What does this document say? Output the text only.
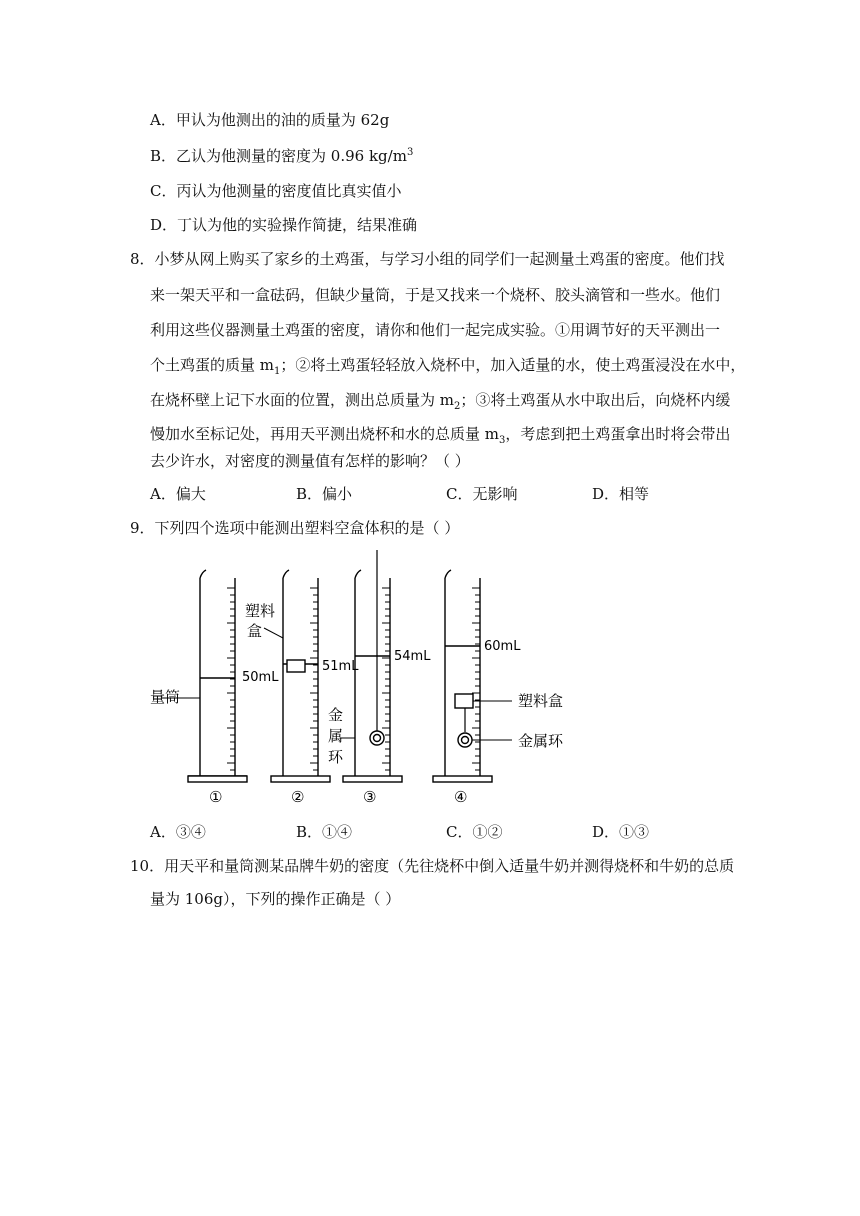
A．甲认为他测出的油的质量为 62g
B．乙认为他测量的密度为 0.96 $kg/m^3$
C．丙认为他测量的密度值比真实值小
D．丁认为他的实验操作简捷，结果准确
8．小梦从网上购买了家乡的土鸡蛋，与学习小组的同学们一起测量土鸡蛋的密度。他们找
来一架天平和一盒砝码，但缺少量筒，于是又找来一个烧杯、胶头滴管和一些水。他们
利用这些仪器测量土鸡蛋的密度，请你和他们一起完成实验。①用调节好的天平测出一
个土鸡蛋的质量 $m_1$；②将土鸡蛋轻轻放入烧杯中，加入适量的水，使土鸡蛋浸没在水中，
在烧杯壁上记下水面的位置，测出总质量为 $m_2$；③将土鸡蛋从水中取出后，向烧杯内缓
慢加水至标记处，再用天平测出烧杯和水的总质量 $m_3$，考虑到把土鸡蛋拿出时将会带出
去少许水，对密度的测量值有怎样的影响？（ ）
A．偏大	B．偏小	C．无影响	D．相等
9．下列四个选项中能测出塑料空盒体积的是（ ）
量筒
50mL
塑料
盒
51mL
54mL
金
属
环
60mL
塑料盒
金属环
①	②	③	④
A．③④	B．①④	C．①②	D．①③
10．用天平和量筒测某品牌牛奶的密度（先往烧杯中倒入适量牛奶并测得烧杯和牛奶的总质
量为 106g），下列的操作正确是（ ）
